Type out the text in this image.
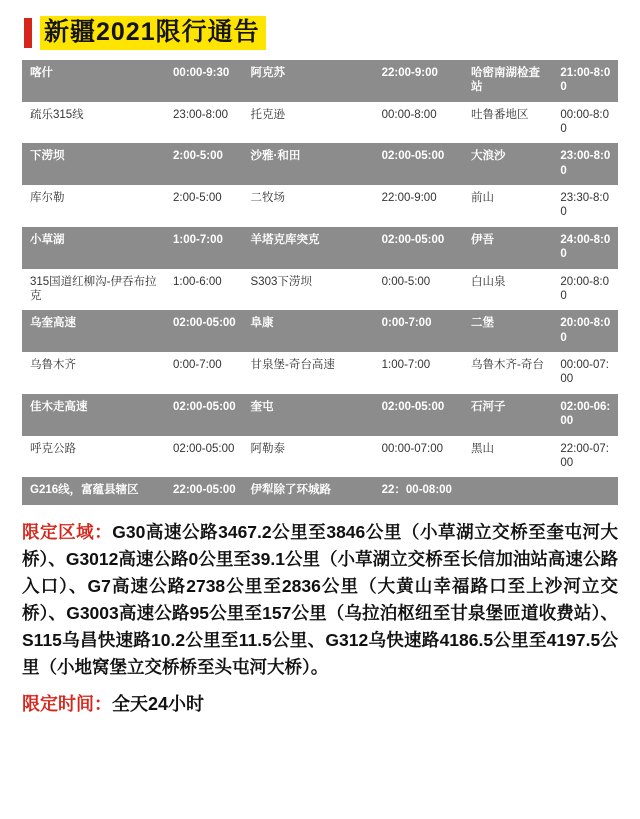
新疆2021限行通告
喀什	00:00-9:30	阿克苏	22:00-9:00	哈密南湖检查站	21:00-8:00
疏乐315线	23:00-8:00	托克逊	00:00-8:00	吐鲁番地区	00:00-8:00
下涝坝	2:00-5:00	沙雅·和田	02:00-05:00	大浪沙	23:00-8:00
库尔勒	2:00-5:00	二牧场	22:00-9:00	前山	23:30-8:00
小草湖	1:00-7:00	羊塔克库突克	02:00-05:00	伊吾	24:00-8:00
315国道红柳沟-伊吞布拉克	1:00-6:00	S303下涝坝	0:00-5:00	白山泉	20:00-8:00
乌奎高速	02:00-05:00	阜康	0:00-7:00	二堡	20:00-8:00
乌鲁木齐	0:00-7:00	甘泉堡-奇台高速	1:00-7:00	乌鲁木齐-奇台	00:00-07:00
佳木走高速	02:00-05:00	奎屯	02:00-05:00	石河子	02:00-06:00
呼克公路	02:00-05:00	阿勒泰	00:00-07:00	黑山	22:00-07:00
G216线，富蕴县辖区	22:00-05:00	伊犁除了环城路	22：00-08:00		

限定区域：G30高速公路3467.2公里至3846公里（小草湖立交桥至奎屯河大桥）、G3012高速公路0公里至39.1公里（小草湖立交桥至长信加油站高速公路入口）、G7高速公路2738公里至2836公里（大黄山幸福路口至上沙河立交桥）、G3003高速公路95公里至157公里（乌拉泊枢纽至甘泉堡匝道收费站）、S115乌昌快速路10.2公里至11.5公里、G312乌快速路4186.5公里至4197.5公里（小地窝堡立交桥桥至头屯河大桥）。

限定时间：全天24小时
